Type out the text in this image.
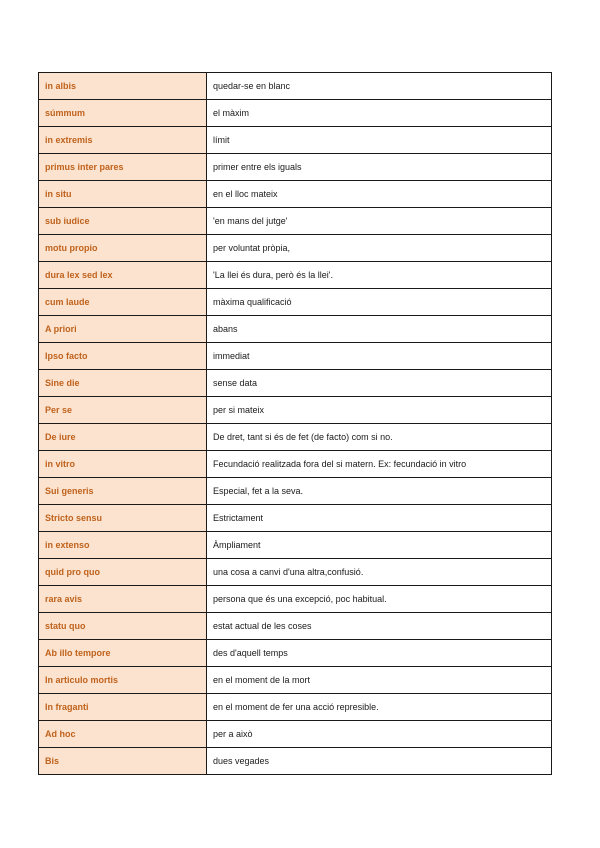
in albis	quedar-se en blanc
súmmum	el màxim
in extremis	límit
primus inter pares	primer entre els iguals
in situ	en el lloc mateix
sub iudice	'en mans del jutge'
motu propio	per voluntat pròpia,
dura lex sed lex	'La llei és dura, però és la llei'.
cum laude	màxima qualificació
A priori	abans
Ipso facto	immediat
Sine die	sense data
Per se	per si mateix
De iure	De dret, tant si és de fet (de facto) com si no.
in vitro	Fecundació realitzada fora del si matern. Ex: fecundació in vitro
Sui generis	Especial, fet a la seva.
Stricto sensu	Estrictament
in extenso	Àmpliament
quid pro quo	una cosa a canvi d'una altra,confusió.
rara avis	persona que és una excepció, poc habitual.
statu quo	estat actual de les coses
Ab illo tempore	des d'aquell temps
In articulo mortis	en el moment de la mort
In fraganti	en el moment de fer una acció represible.
Ad hoc	per a això
Bis	dues vegades
